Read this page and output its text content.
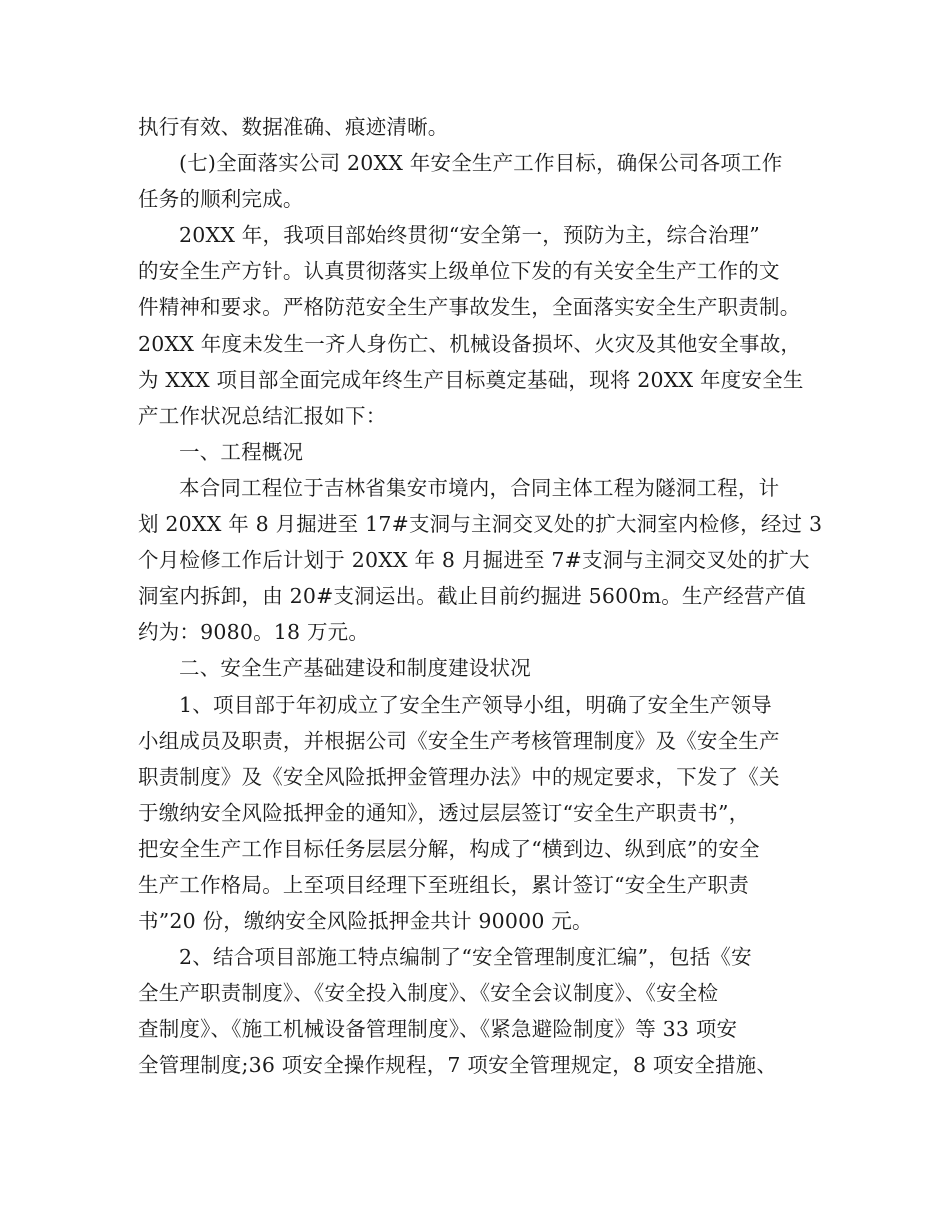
执行有效、数据准确、痕迹清晰。
(七)全面落实公司 20XX 年安全生产工作目标，确保公司各项工作
任务的顺利完成。
20XX 年，我项目部始终贯彻“安全第一，预防为主，综合治理”
的安全生产方针。认真贯彻落实上级单位下发的有关安全生产工作的文
件精神和要求。严格防范安全生产事故发生，全面落实安全生产职责制。
20XX 年度未发生一齐人身伤亡、机械设备损坏、火灾及其他安全事故，
为 XXX 项目部全面完成年终生产目标奠定基础，现将 20XX 年度安全生
产工作状况总结汇报如下：
一、工程概况
本合同工程位于吉林省集安市境内，合同主体工程为隧洞工程，计
划 20XX 年 8 月掘进至 17#支洞与主洞交叉处的扩大洞室内检修，经过 3
个月检修工作后计划于 20XX 年 8 月掘进至 7#支洞与主洞交叉处的扩大
洞室内拆卸，由 20#支洞运出。截止目前约掘进 5600m。生产经营产值
约为：9080。18 万元。
二、安全生产基础建设和制度建设状况
1、项目部于年初成立了安全生产领导小组，明确了安全生产领导
小组成员及职责，并根据公司《安全生产考核管理制度》及《安全生产
职责制度》及《安全风险抵押金管理办法》中的规定要求，下发了《关
于缴纳安全风险抵押金的通知》，透过层层签订“安全生产职责书”，
把安全生产工作目标任务层层分解，构成了“横到边、纵到底”的安全
生产工作格局。上至项目经理下至班组长，累计签订“安全生产职责
书”20 份，缴纳安全风险抵押金共计 90000 元。
2、结合项目部施工特点编制了“安全管理制度汇编”，包括《安
全生产职责制度》、《安全投入制度》、《安全会议制度》、《安全检
查制度》、《施工机械设备管理制度》、《紧急避险制度》等 33 项安
全管理制度;36 项安全操作规程，7 项安全管理规定，8 项安全措施、
